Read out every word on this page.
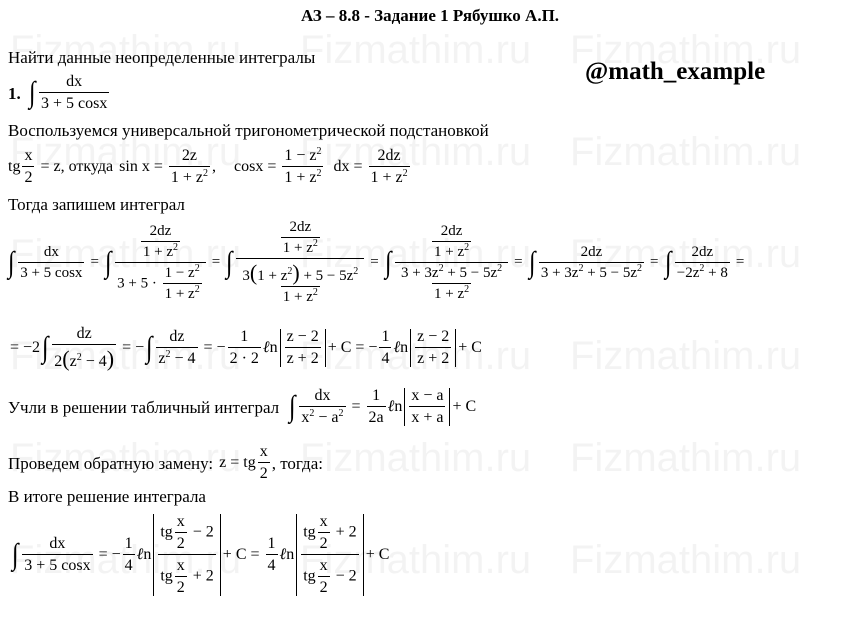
АЗ – 8.8 - Задание 1 Рябушко А.П.
Найти данные неопределенные интегралы
@math_example
1. ∫ dx
3 + 5 cosx
Воспользуемся универсальной тригонометрической подстановкой
tg $\frac{x}{2} = z$ , откуда $\sin x = \frac{2z}{1 + z^2}$ ,
$\cos x = \frac{1 - z^2}{1 + z^2}$ dx = $\frac{2dz}{1 + z^2}$
Тогда запишем интеграл
∫ $\frac{dx}{3 + 5 \cos x}$ = ∫ $\frac{\frac{2dz}{1 + z^2}}{3 + 5 \cdot \frac{1 - z^2}{1 + z^2}}$ = ∫ $\frac{\frac{2dz}{1 + z^2}}{\frac{3(1 + z^2) + 5 - 5z^2}{1 + z^2}}$ = ∫ $\frac{\frac{2dz}{1 + z^2}}{\frac{3 + 3z^2 + 5 - 5z^2}{1 + z^2}}$ = ∫ $\frac{2dz}{3 + 3z^2 + 5 - 5z^2}$ = ∫ $\frac{2dz}{-2z^2 + 8}$ =
= −2 ∫ $\frac{dz}{2(z^2 - 4)}$ = − ∫ $\frac{dz}{z^2 - 4}$ = − $\frac{1}{2 \cdot 2}$ ℓ n
z − 2
z + 2
+ C = − $\frac{1}{4}$ ℓ n
z − 2
z + 2
+ C
Учли в решении табличный интеграл ∫ $\frac{dx}{x^2 - a^2} = \frac{1}{2a}$ ℓ n
x − a
x + a
+ C
Проведем обратную замену: z = tg $\frac{x}{2}$ , тогда:
В итоге решение интеграла
∫ $\frac{dx}{3 + 5 \cos x}$ = − $\frac{1}{4}$ ℓ n
tg $\frac{x}{2} - 2$
tg $\frac{x}{2} + 2$
+ $C = \frac{1}{4}$ ℓ n
tg $\frac{x}{2} + 2$
tg $\frac{x}{2} - 2$
+ C
